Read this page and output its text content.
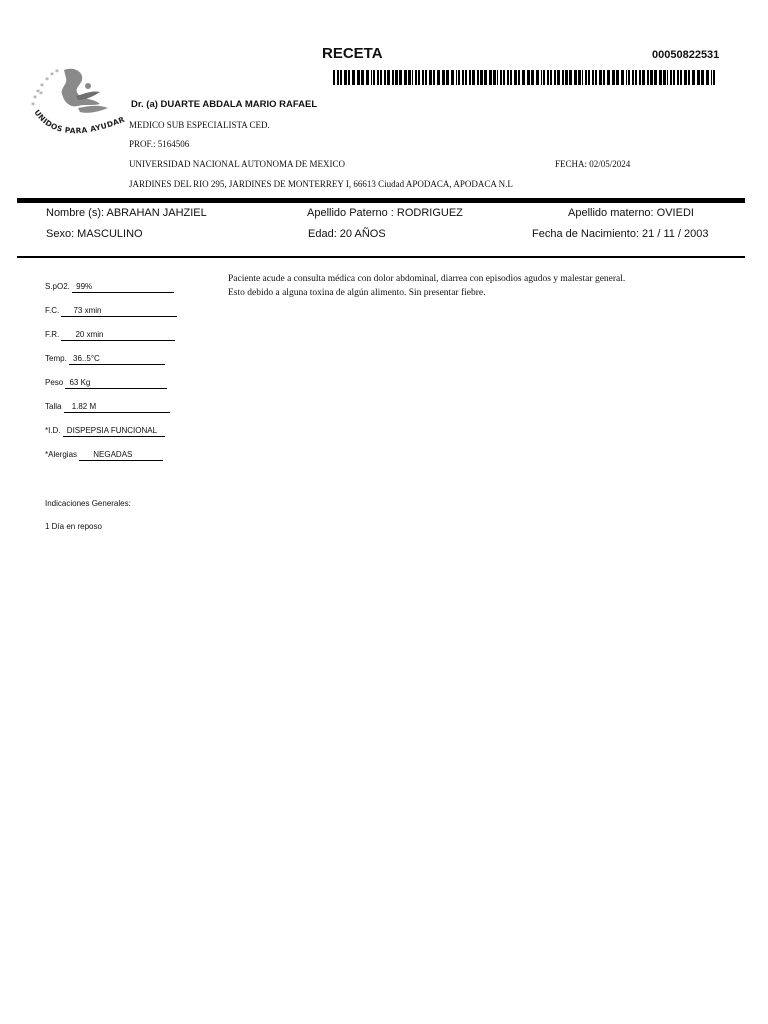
RECETA	00050822531
*
*
*
*
*
*
*
*
UNIDOS PARA AYUDAR
Dr. (a) DUARTE ABDALA MARIO RAFAEL
MEDICO SUB ESPECIALISTA CED.
PROF.: 5164506
UNIVERSIDAD NACIONAL AUTONOMA DE MEXICO	FECHA: 02/05/2024
JARDINES DEL RIO 295, JARDINES DE MONTERREY I, 66613 Ciudad APODACA, APODACA N.L
Nombre (s): ABRAHAN JAHZIEL	Apellido Paterno : RODRIGUEZ	Apellido materno: OVIEDI
Sexo: MASCULINO	Edad: 20 AÑOS	Fecha de Nacimiento: 21 / 11 / 2003
S.pO2. 99%
F.C. 73 xmin
F.R. 20 xmin
Temp. 36..5°C
Peso 63 Kg
Talla 1.82 M
*I.D. DISPEPSIA FUNCIONAL
*Alergias NEGADAS
Paciente acude a consulta médica con dolor abdominal, diarrea con episodios agudos y malestar general.
Esto debido a alguna toxina de algún alimento. Sin presentar fiebre.
Indicaciones Generales:
1 Día en reposo
